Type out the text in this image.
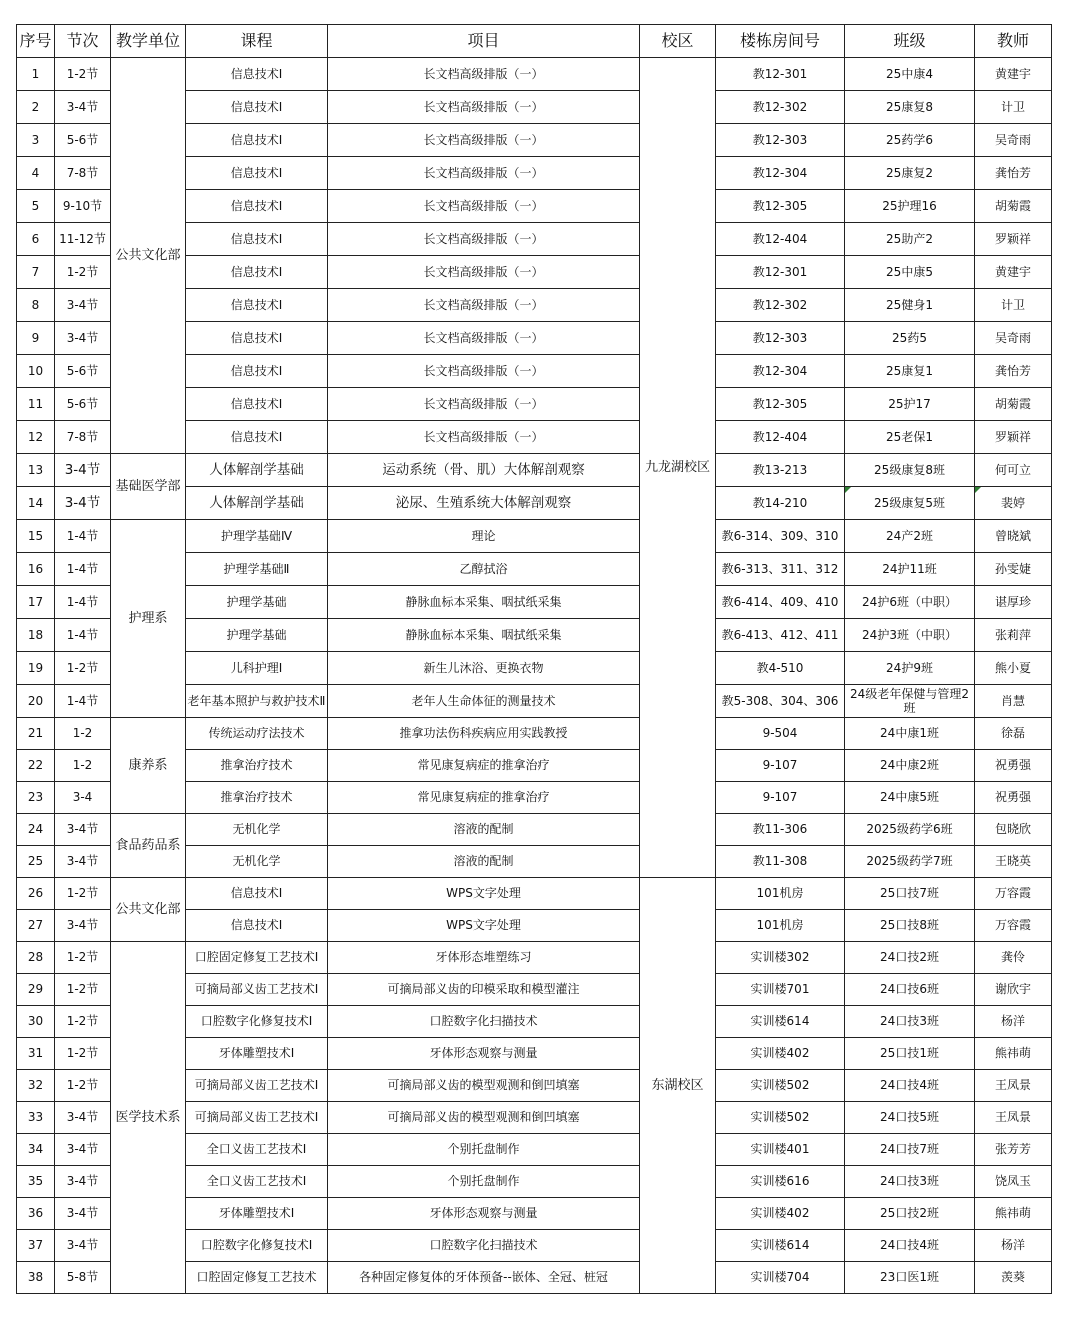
序号	节次	教学单位	课程	项目	校区	楼栋房间号	班级	教师
1	1-2节	公共文化部	信息技术Ⅰ	长文档高级排版（一）	九龙湖校区	教12-301	25中康4	黄建宇
2	3-4节		信息技术Ⅰ	长文档高级排版（一）		教12-302	25康复8	计卫
3	5-6节		信息技术Ⅰ	长文档高级排版（一）		教12-303	25药学6	吴奇雨
4	7-8节		信息技术Ⅰ	长文档高级排版（一）		教12-304	25康复2	龚怡芳
5	9-10节		信息技术Ⅰ	长文档高级排版（一）		教12-305	25护理16	胡菊霞
6	11-12节		信息技术Ⅰ	长文档高级排版（一）		教12-404	25助产2	罗颖祥
7	1-2节		信息技术Ⅰ	长文档高级排版（一）		教12-301	25中康5	黄建宇
8	3-4节		信息技术Ⅰ	长文档高级排版（一）		教12-302	25健身1	计卫
9	3-4节		信息技术Ⅰ	长文档高级排版（一）		教12-303	25药5	吴奇雨
10	5-6节		信息技术Ⅰ	长文档高级排版（一）		教12-304	25康复1	龚怡芳
11	5-6节		信息技术Ⅰ	长文档高级排版（一）		教12-305	25护17	胡菊霞
12	7-8节		信息技术Ⅰ	长文档高级排版（一）		教12-404	25老保1	罗颖祥
13	3-4节	基础医学部	人体解剖学基础	运动系统（骨、肌）大体解剖观察		教13-213	25级康复8班	何可立
14	3-4节		人体解剖学基础	泌尿、生殖系统大体解剖观察		教14-210	25级康复5班	裴婷
15	1-4节	护理系	护理学基础Ⅳ	理论		教6-314、309、310	24产2班	曾晓斌
16	1-4节		护理学基础Ⅱ	乙醇拭浴		教6-313、311、312	24护11班	孙雯婕
17	1-4节		护理学基础	静脉血标本采集、咽拭纸采集		教6-414、409、410	24护6班（中职）	谌厚珍
18	1-4节		护理学基础	静脉血标本采集、咽拭纸采集		教6-413、412、411	24护3班（中职）	张莉萍
19	1-2节		儿科护理Ⅰ	新生儿沐浴、更换衣物		教4-510	24护9班	熊小夏
20	1-4节		老年基本照护与救护技术Ⅱ	老年人生命体征的测量技术		教5-308、304、306	24级老年保健与管理2班	肖慧
21	1-2	康养系	传统运动疗法技术	推拿功法伤科疾病应用实践教授		9-504	24中康1班	徐磊
22	1-2		推拿治疗技术	常见康复病症的推拿治疗		9-107	24中康2班	祝勇强
23	3-4		推拿治疗技术	常见康复病症的推拿治疗		9-107	24中康5班	祝勇强
24	3-4节	食品药品系	无机化学	溶液的配制		教11-306	2025级药学6班	包晓欣
25	3-4节		无机化学	溶液的配制		教11-308	2025级药学7班	王晓英
26	1-2节	公共文化部	信息技术Ⅰ	WPS文字处理	东湖校区	101机房	25口技7班	万容霞
27	3-4节		信息技术Ⅰ	WPS文字处理		101机房	25口技8班	万容霞
28	1-2节	医学技术系	口腔固定修复工艺技术Ⅰ	牙体形态堆塑练习		实训楼302	24口技2班	龚伶
29	1-2节		可摘局部义齿工艺技术Ⅰ	可摘局部义齿的印模采取和模型灌注		实训楼701	24口技6班	谢欣宇
30	1-2节		口腔数字化修复技术Ⅰ	口腔数字化扫描技术		实训楼614	24口技3班	杨洋
31	1-2节		牙体雕塑技术Ⅰ	牙体形态观察与测量		实训楼402	25口技1班	熊祎萌
32	1-2节		可摘局部义齿工艺技术Ⅰ	可摘局部义齿的模型观测和倒凹填塞		实训楼502	24口技4班	王凤景
33	3-4节		可摘局部义齿工艺技术Ⅰ	可摘局部义齿的模型观测和倒凹填塞		实训楼502	24口技5班	王凤景
34	3-4节		全口义齿工艺技术Ⅰ	个别托盘制作		实训楼401	24口技7班	张芳芳
35	3-4节		全口义齿工艺技术Ⅰ	个别托盘制作		实训楼616	24口技3班	饶凤玉
36	3-4节		牙体雕塑技术Ⅰ	牙体形态观察与测量		实训楼402	25口技2班	熊祎萌
37	3-4节		口腔数字化修复技术Ⅰ	口腔数字化扫描技术		实训楼614	24口技4班	杨洋
38	5-8节		口腔固定修复工艺技术	各种固定修复体的牙体预备--嵌体、全冠、桩冠		实训楼704	23口医1班	羡葵
